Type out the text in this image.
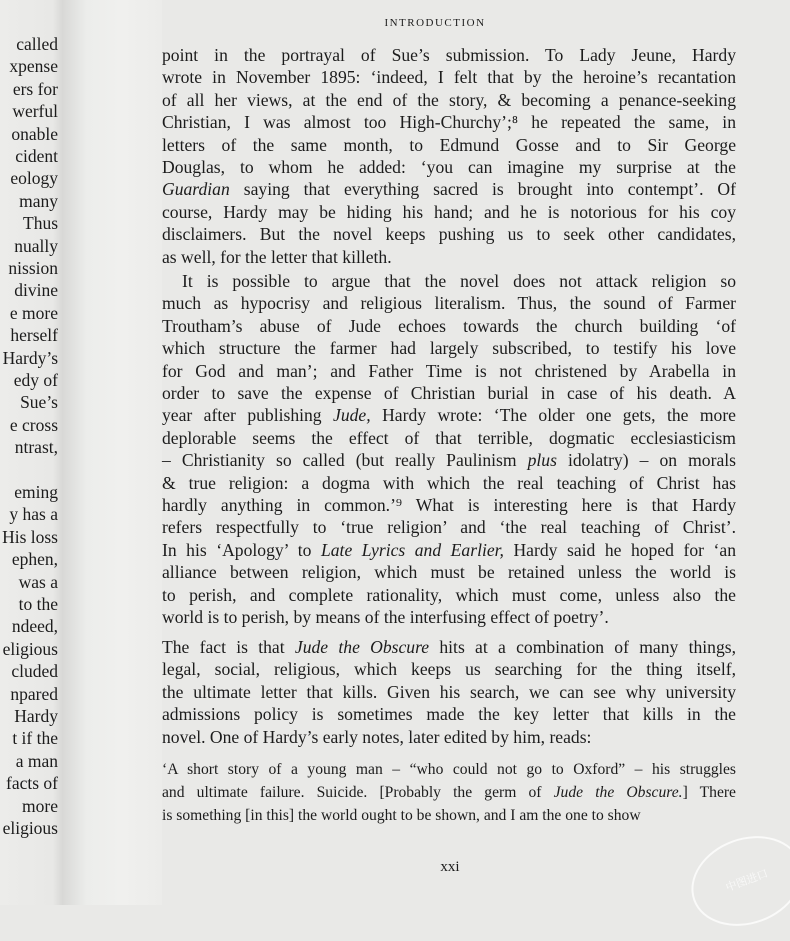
called
xpense
ers for
werful
onable
cident
eology
many
Thus
nually
nission
divine
e more
herself
Hardy’s
edy of
Sue’s
e cross
ntrast,
eming
y has a
His loss
ephen,
was a
to the
ndeed,
eligious
cluded
npared
Hardy
t if the
a man
facts of
more
eligious
INTRODUCTION
point in the portrayal of Sue’s submission. To Lady Jeune, Hardy
wrote in November 1895: ‘indeed, I felt that by the heroine’s recantation
of all her views, at the end of the story, & becoming a penance-seeking
Christian, I was almost too High-Churchy’;⁸ he repeated the same, in
letters of the same month, to Edmund Gosse and to Sir George
Douglas, to whom he added: ‘you can imagine my surprise at the
Guardian saying that everything sacred is brought into contempt’. Of
course, Hardy may be hiding his hand; and he is notorious for his coy
disclaimers. But the novel keeps pushing us to seek other candidates,
as well, for the letter that killeth.
It is possible to argue that the novel does not attack religion so
much as hypocrisy and religious literalism. Thus, the sound of Farmer
Troutham’s abuse of Jude echoes towards the church building ‘of
which structure the farmer had largely subscribed, to testify his love
for God and man’; and Father Time is not christened by Arabella in
order to save the expense of Christian burial in case of his death. A
year after publishing Jude, Hardy wrote: ‘The older one gets, the more
deplorable seems the effect of that terrible, dogmatic ecclesiasticism
– Christianity so called (but really Paulinism plus idolatry) – on morals
& true religion: a dogma with which the real teaching of Christ has
hardly anything in common.’⁹ What is interesting here is that Hardy
refers respectfully to ‘true religion’ and ‘the real teaching of Christ’.
In his ‘Apology’ to Late Lyrics and Earlier, Hardy said he hoped for ‘an
alliance between religion, which must be retained unless the world is
to perish, and complete rationality, which must come, unless also the
world is to perish, by means of the interfusing effect of poetry’.
The fact is that Jude the Obscure hits at a combination of many things,
legal, social, religious, which keeps us searching for the thing itself,
the ultimate letter that kills. Given his search, we can see why university
admissions policy is sometimes made the key letter that kills in the
novel. One of Hardy’s early notes, later edited by him, reads:
‘A short story of a young man – “who could not go to Oxford” – his struggles
and ultimate failure. Suicide. [Probably the germ of Jude the Obscure.] There
is something [in this] the world ought to be shown, and I am the one to show
xxi
中图进口
